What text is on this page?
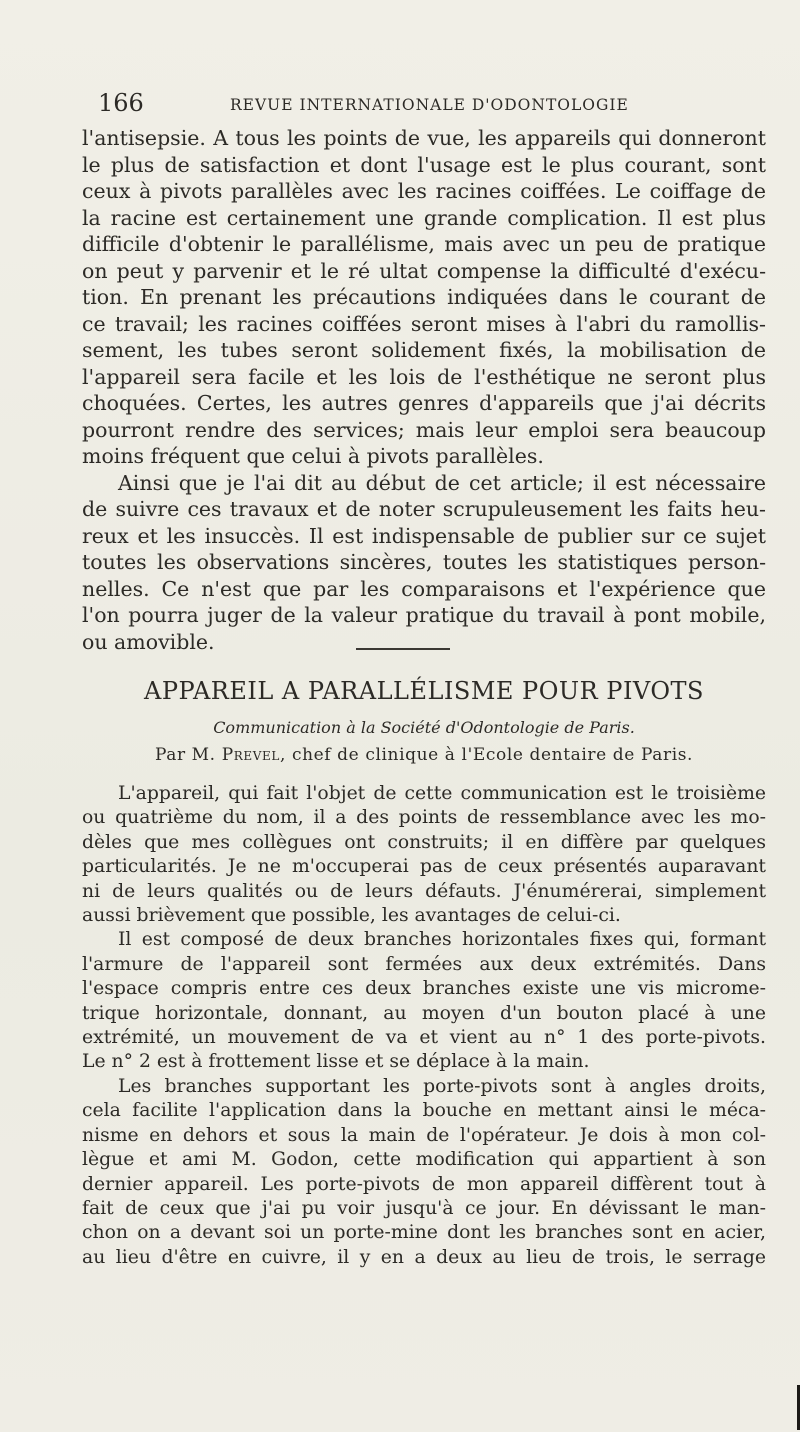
166	REVUE INTERNATIONALE D'ODONTOLOGIE
l'antisepsie. A tous les points de vue, les appareils qui donneront
le plus de satisfaction et dont l'usage est le plus courant, sont
ceux à pivots parallèles avec les racines coiffées. Le coiffage de
la racine est certainement une grande complication. Il est plus
difficile d'obtenir le parallélisme, mais avec un peu de pratique
on peut y parvenir et le ré ultat compense la difficulté d'exécu-
tion. En prenant les précautions indiquées dans le courant de
ce travail; les racines coiffées seront mises à l'abri du ramollis-
sement, les tubes seront solidement fixés, la mobilisation de
l'appareil sera facile et les lois de l'esthétique ne seront plus
choquées. Certes, les autres genres d'appareils que j'ai décrits
pourront rendre des services; mais leur emploi sera beaucoup
moins fréquent que celui à pivots parallèles.
Ainsi que je l'ai dit au début de cet article; il est nécessaire
de suivre ces travaux et de noter scrupuleusement les faits heu-
reux et les insuccès. Il est indispensable de publier sur ce sujet
toutes les observations sincères, toutes les statistiques person-
nelles. Ce n'est que par les comparaisons et l'expérience que
l'on pourra juger de la valeur pratique du travail à pont mobile,
ou amovible.
APPAREIL A PARALLÉLISME POUR PIVOTS
Communication à la Société d'Odontologie de Paris.
Par M. Prevel, chef de clinique à l'Ecole dentaire de Paris.
L'appareil, qui fait l'objet de cette communication est le troisième
ou quatrième du nom, il a des points de ressemblance avec les mo-
dèles que mes collègues ont construits; il en diffère par quelques
particularités. Je ne m'occuperai pas de ceux présentés auparavant
ni de leurs qualités ou de leurs défauts. J'énumérerai, simplement
aussi brièvement que possible, les avantages de celui-ci.
Il est composé de deux branches horizontales fixes qui, formant
l'armure de l'appareil sont fermées aux deux extrémités. Dans
l'espace compris entre ces deux branches existe une vis microme-
trique horizontale, donnant, au moyen d'un bouton placé à une
extrémité, un mouvement de va et vient au n° 1 des porte-pivots.
Le n° 2 est à frottement lisse et se déplace à la main.
Les branches supportant les porte-pivots sont à angles droits,
cela facilite l'application dans la bouche en mettant ainsi le méca-
nisme en dehors et sous la main de l'opérateur. Je dois à mon col-
lègue et ami M. Godon, cette modification qui appartient à son
dernier appareil. Les porte-pivots de mon appareil diffèrent tout à
fait de ceux que j'ai pu voir jusqu'à ce jour. En dévissant le man-
chon on a devant soi un porte-mine dont les branches sont en acier,
au lieu d'être en cuivre, il y en a deux au lieu de trois, le serrage
